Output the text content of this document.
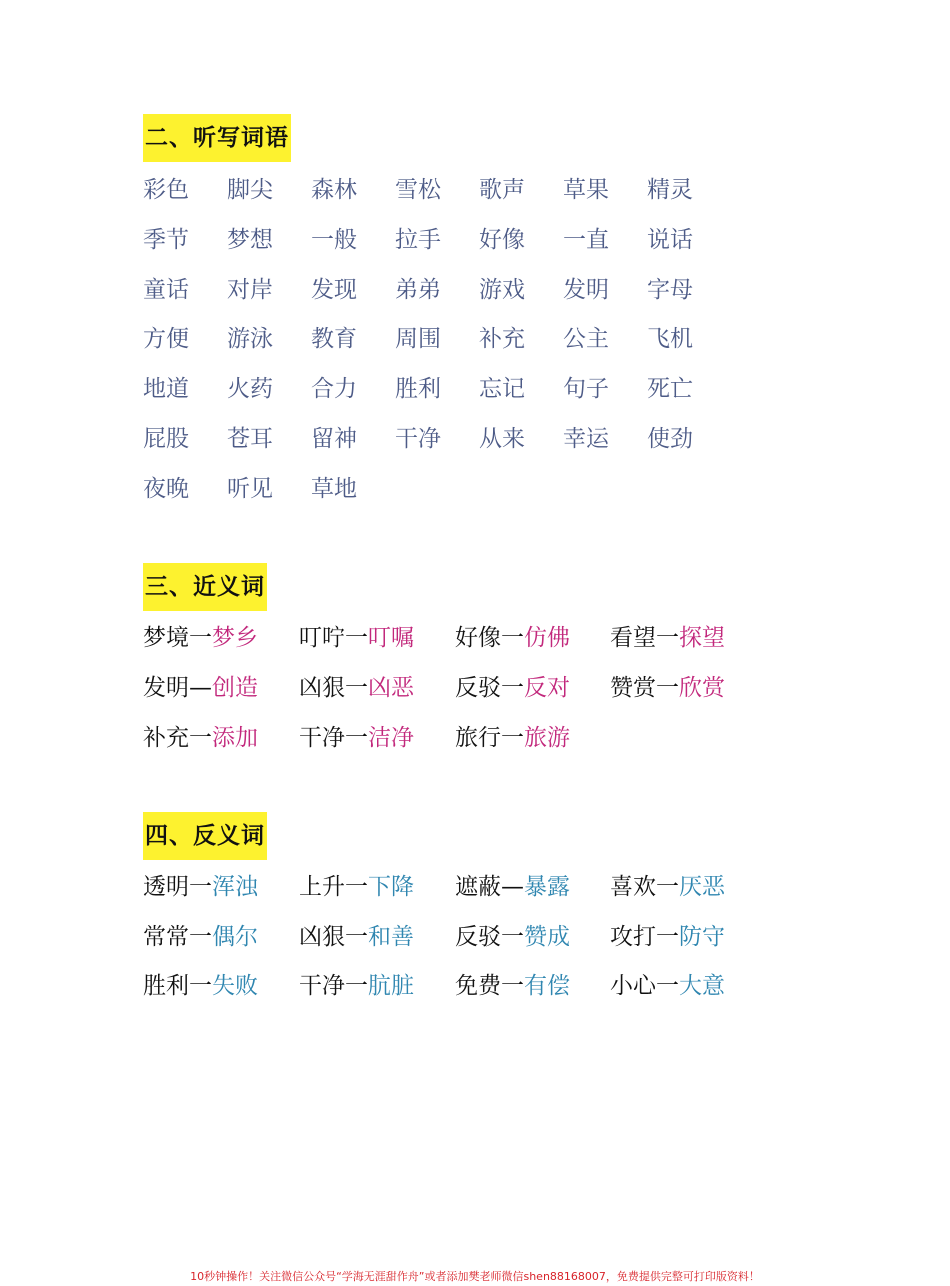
二、听写词语
彩色 脚尖 森林 雪松 歌声 草果 精灵
季节 梦想 一般 拉手 好像 一直 说话
童话 对岸 发现 弟弟 游戏 发明 字母
方便 游泳 教育 周围 补充 公主 飞机
地道 火药 合力 胜利 忘记 句子 死亡
屁股 苍耳 留神 干净 从来 幸运 使劲
夜晚 听见 草地
三、近义词
梦境一梦乡 叮咛一叮嘱 好像一仿佛 看望一探望
发明—创造 凶狠一凶恶 反驳一反对 赞赏一欣赏
补充一添加 干净一洁净 旅行一旅游
四、反义词
透明一浑浊 上升一下降 遮蔽—暴露 喜欢一厌恶
常常一偶尔 凶狠一和善 反驳一赞成 攻打一防守
胜利一失败 干净一肮脏 免费一有偿 小心一大意
10秒钟操作！关注微信公众号“学海无涯甜作舟”或者添加樊老师微信shen88168007，免费提供完整可打印版资料！
